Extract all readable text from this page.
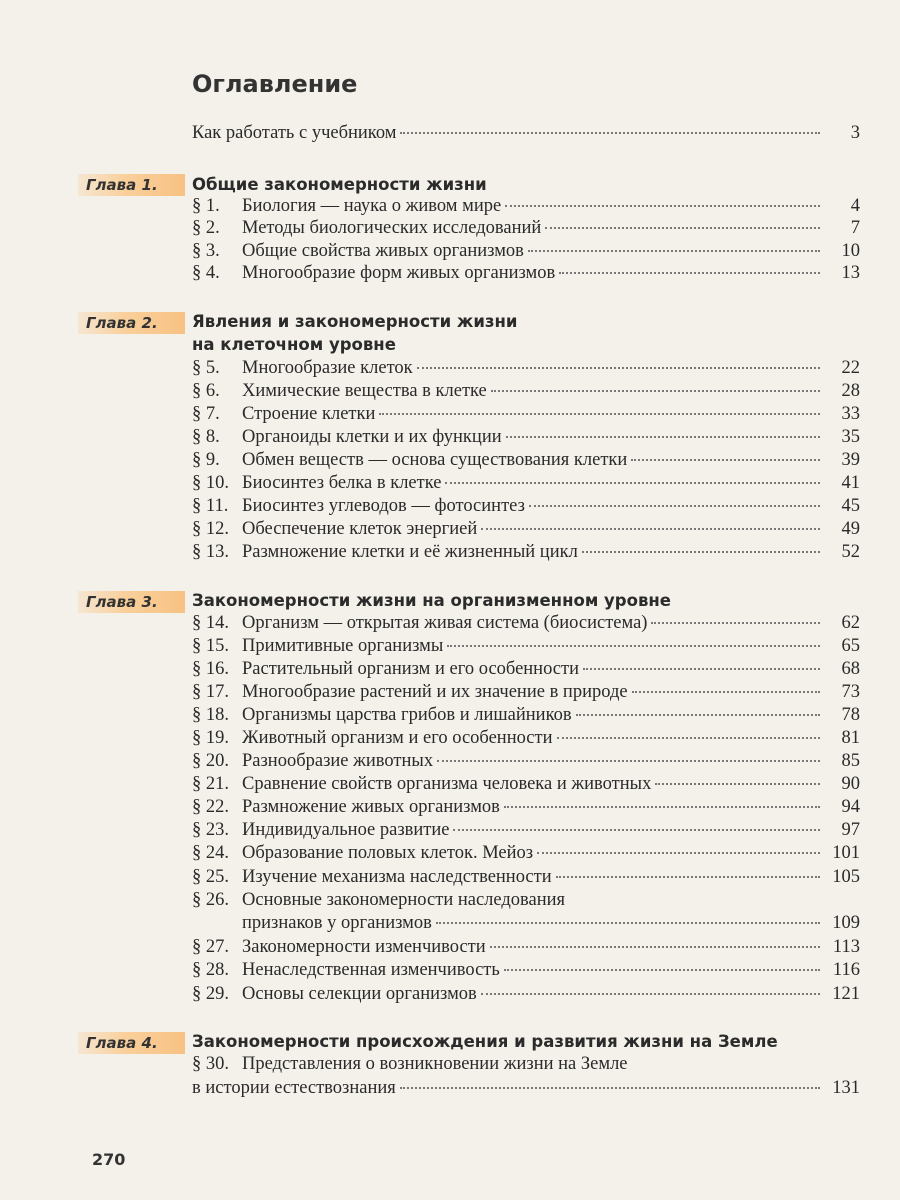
Оглавление
Как работать с учебником	3
Глава 1.	Общие закономерности жизни
§ 1.	Биология — наука о живом мире	4
§ 2.	Методы биологических исследований	7
§ 3.	Общие свойства живых организмов	10
§ 4.	Многообразие форм живых организмов	13
Глава 2.	Явления и закономерности жизни
на клеточном уровне
§ 5.	Многообразие клеток	22
§ 6.	Химические вещества в клетке	28
§ 7.	Строение клетки	33
§ 8.	Органоиды клетки и их функции	35
§ 9.	Обмен веществ — основа существования клетки	39
§ 10. Биосинтез белка в клетке	41
§ 11. Биосинтез углеводов — фотосинтез	45
§ 12. Обеспечение клеток энергией	49
§ 13. Размножение клетки и её жизненный цикл	52
Глава 3.	Закономерности жизни на организменном уровне
§ 14. Организм — открытая живая система (биосистема)	62
§ 15. Примитивные организмы	65
§ 16. Растительный организм и его особенности	68
§ 17. Многообразие растений и их значение в природе	73
§ 18. Организмы царства грибов и лишайников	78
§ 19. Животный организм и его особенности	81
§ 20. Разнообразие животных	85
§ 21. Сравнение свойств организма человека и животных	90
§ 22. Размножение живых организмов	94
§ 23. Индивидуальное развитие	97
§ 24. Образование половых клеток. Мейоз	101
§ 25. Изучение механизма наследственности	105
§ 26. Основные закономерности наследования
признаков у организмов	109
§ 27. Закономерности изменчивости	113
§ 28. Ненаследственная изменчивость	116
§ 29. Основы селекции организмов	121
Глава 4.	Закономерности происхождения и развития жизни на Земле
§ 30. Представления о возникновении жизни на Земле
в истории естествознания	131
270
